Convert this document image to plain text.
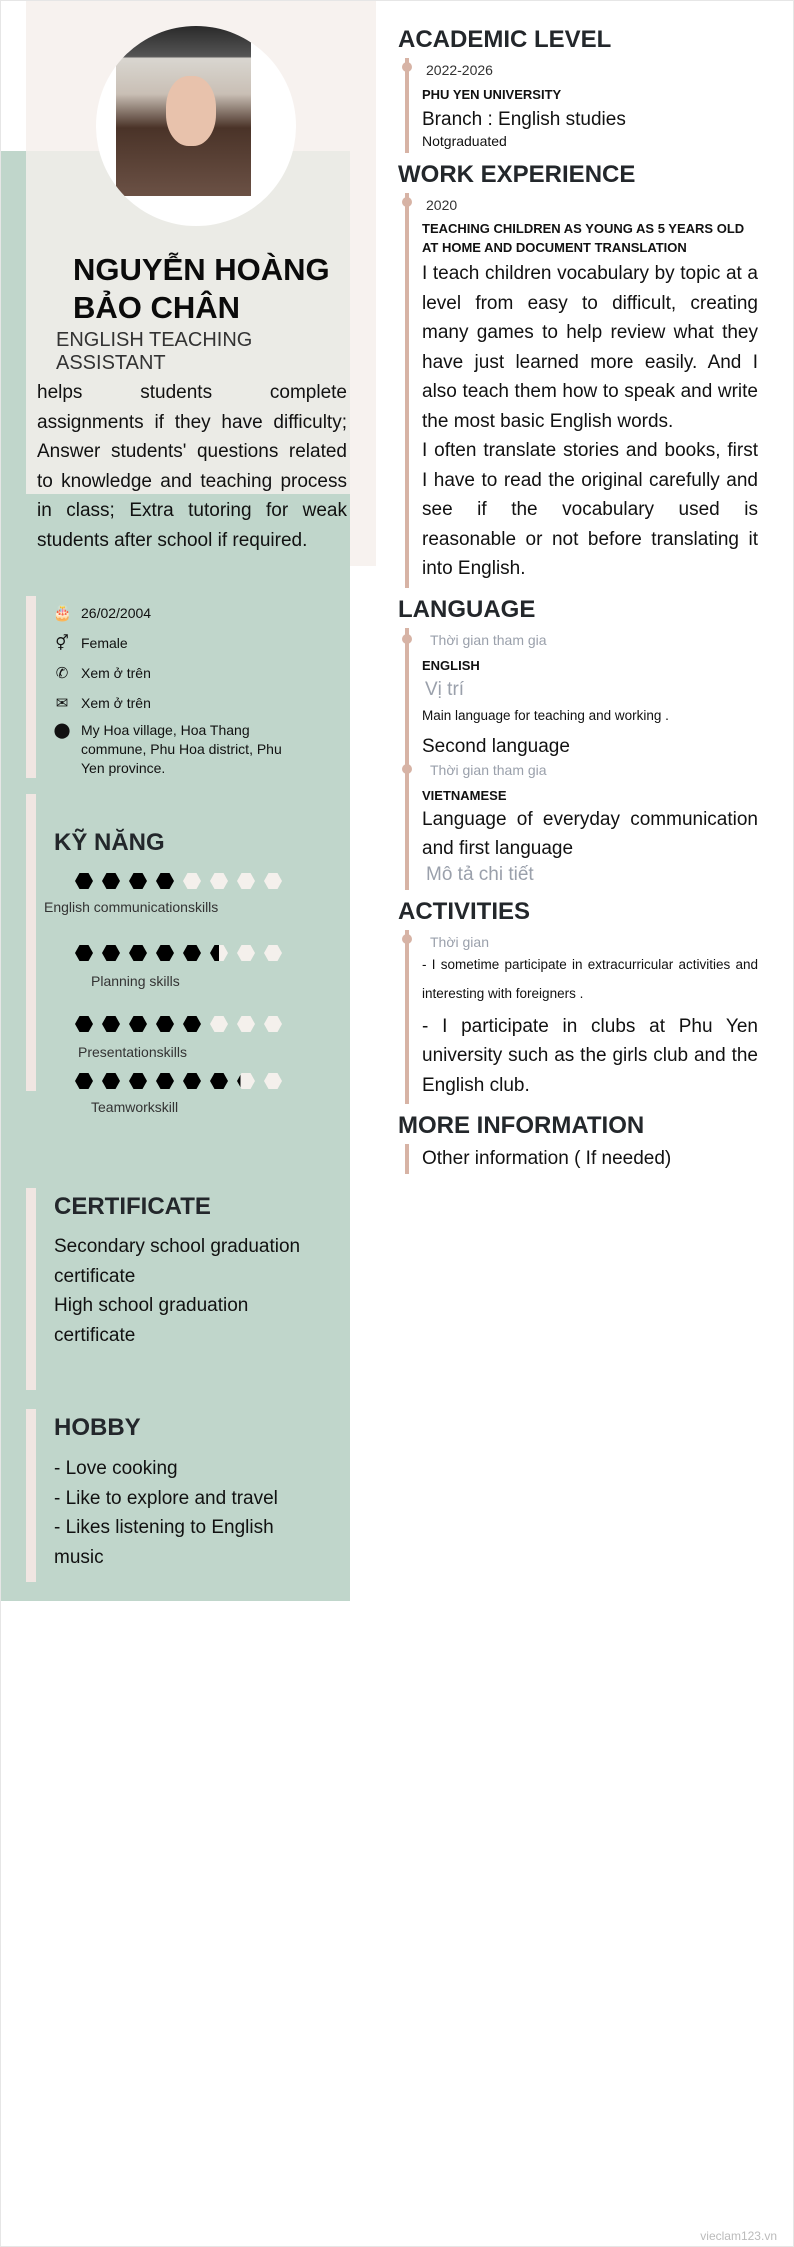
NGUYỄN HOÀNG
BẢO CHÂN
ENGLISH TEACHING ASSISTANT
helps students complete assignments if they have difficulty; Answer students' questions related to knowledge and teaching process in class; Extra tutoring for weak students after school if required.
🎂 26/02/2004
⚥ Female
✆ Xem ở trên
✉ Xem ở trên
⬤ My Hoa village, Hoa Thang commune, Phu Hoa district, Phu Yen province.
KỸ NĂNG
English communicationskills
Planning skills
Presentationskills
Teamworkskill
CERTIFICATE
Secondary school graduation certificate
High school graduation certificate
HOBBY
- Love cooking
- Like to explore and travel
- Likes listening to English music
ACADEMIC LEVEL
2022-2026
PHU YEN UNIVERSITY
Branch : English studies
Notgraduated
WORK EXPERIENCE
2020
TEACHING CHILDREN AS YOUNG AS 5 YEARS OLD AT HOME AND DOCUMENT TRANSLATION
I teach children vocabulary by topic at a level from easy to difficult, creating many games to help review what they have just learned more easily. And I also teach them how to speak and write the most basic English words.
I often translate stories and books, first I have to read the original carefully and see if the vocabulary used is reasonable or not before translating it into English.
LANGUAGE
Thời gian tham gia
ENGLISH
Vị trí
Main language for teaching and working .
Second language
Thời gian tham gia
VIETNAMESE
Language of everyday communication and first language
Mô tả chi tiết
ACTIVITIES
Thời gian
- I sometime participate in extracurricular activities and interesting with foreigners .
- I participate in clubs at Phu Yen university such as the girls club and the English club.
MORE INFORMATION
Other information ( If needed)
vieclam123.vn
